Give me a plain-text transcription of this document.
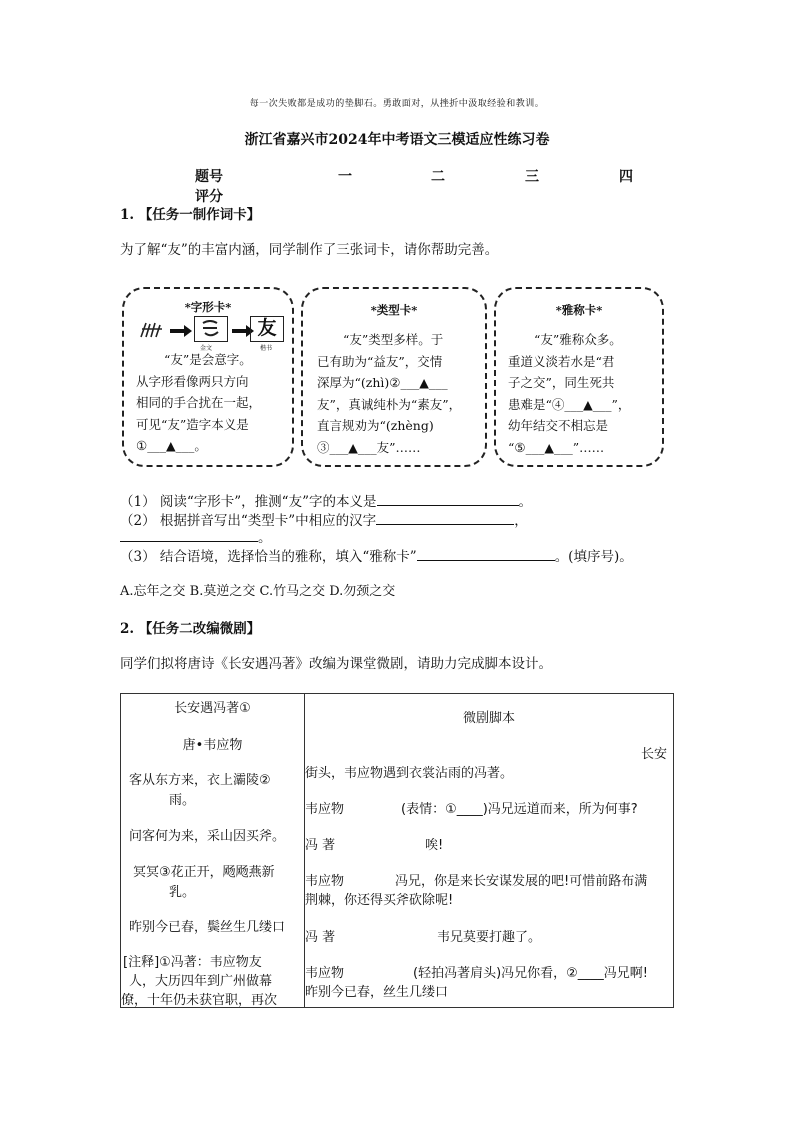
每一次失败都是成功的垫脚石。勇敢面对，从挫折中汲取经验和教训。
浙江省嘉兴市2024年中考语文三模适应性练习卷
题号	一	二	三	四
评分
1. 【任务一制作词卡】
为了解“友”的丰富内涵，同学制作了三张词卡，请你帮助完善。
*字形卡*
友
金文	楷书
“友”是会意字。
从字形看像两只方向
相同的手合扰在一起，
可见“友”造字本义是
①___▲___。
*类型卡*
“友”类型多样。于
已有助为“益友”，交情
深厚为“(zhì)②___▲___
友”，真诚纯朴为“素友”，
直言规劝为“(zhèng)
③___▲___友”……
*雅称卡*
“友”雅称众多。
重道义淡若水是“君
子之交”，同生死共
患难是“④___▲___”，
幼年结交不相忘是
“⑤___▲___”……
（1） 阅读“字形卡”，推测“友”字的本义是	。
（2） 根据拼音写出“类型卡”中相应的汉字	，
。
（3） 结合语境，选择恰当的雅称，填入“雅称卡”	。(填序号)。
A.忘年之交 B.莫逆之交 C.竹马之交 D.勿颈之交
2. 【任务二改编微剧】
同学们拟将唐诗《长安遇冯著》改编为课堂微剧，请助力完成脚本设计。
长安遇冯著①
唐•韦应物
客从东方来，衣上灞陵②
雨。
问客何为来，采山因买斧。
冥冥③花正开，飏飏燕新
乳。
昨别今已春，鬓丝生几缕口
[注释]①冯著：韦应物友
人，大历四年到广州做幕
僚，十年仍未获官职，再次

微剧脚本
长安
街头，韦应物遇到衣裳沾雨的冯著。
韦应物	(表情：①____)冯兄远道而来，所为何事?
冯 著	唉!
韦应物	冯兄，你是来长安谋发展的吧!可惜前路布满
荆棘，你还得买斧砍除呢!
冯 著	韦兄莫要打趣了。
韦应物	(轻拍冯著肩头)冯兄你看，②____冯兄啊!
昨别今已春，丝生几缕口
